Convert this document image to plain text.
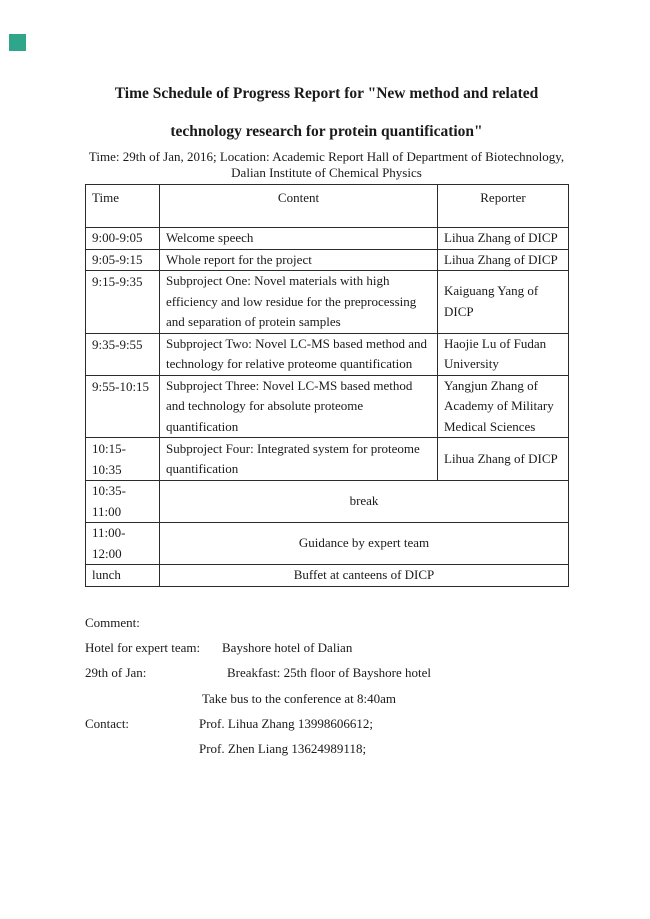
Time Schedule of Progress Report for "New method and related
technology research for protein quantification"
Time: 29th of Jan, 2016; Location: Academic Report Hall of Department of Biotechnology,
Dalian Institute of Chemical Physics
Time	Content	Reporter
9:00-9:05	Welcome speech	Lihua Zhang of DICP
9:05-9:15	Whole report for the project	Lihua Zhang of DICP
9:15-9:35	Subproject One: Novel materials with high efficiency and low residue for the preprocessing and separation of protein samples	Kaiguang Yang of DICP
9:35-9:55	Subproject Two: Novel LC-MS based method and technology for relative proteome quantification	Haojie Lu of Fudan University
9:55-10:15	Subproject Three: Novel LC-MS based method and technology for absolute proteome quantification	Yangjun Zhang of Academy of Military Medical Sciences
10:15-10:35	Subproject Four: Integrated system for proteome quantification	Lihua Zhang of DICP
10:35-11:00	break	
11:00-12:00	Guidance by expert team	
lunch	Buffet at canteens of DICP	
Comment:
Hotel for expert team: Bayshore hotel of Dalian
29th of Jan:	Breakfast: 25th floor of Bayshore hotel
Take bus to the conference at 8:40am
Contact:	Prof. Lihua Zhang 13998606612;
Prof. Zhen Liang 13624989118;
